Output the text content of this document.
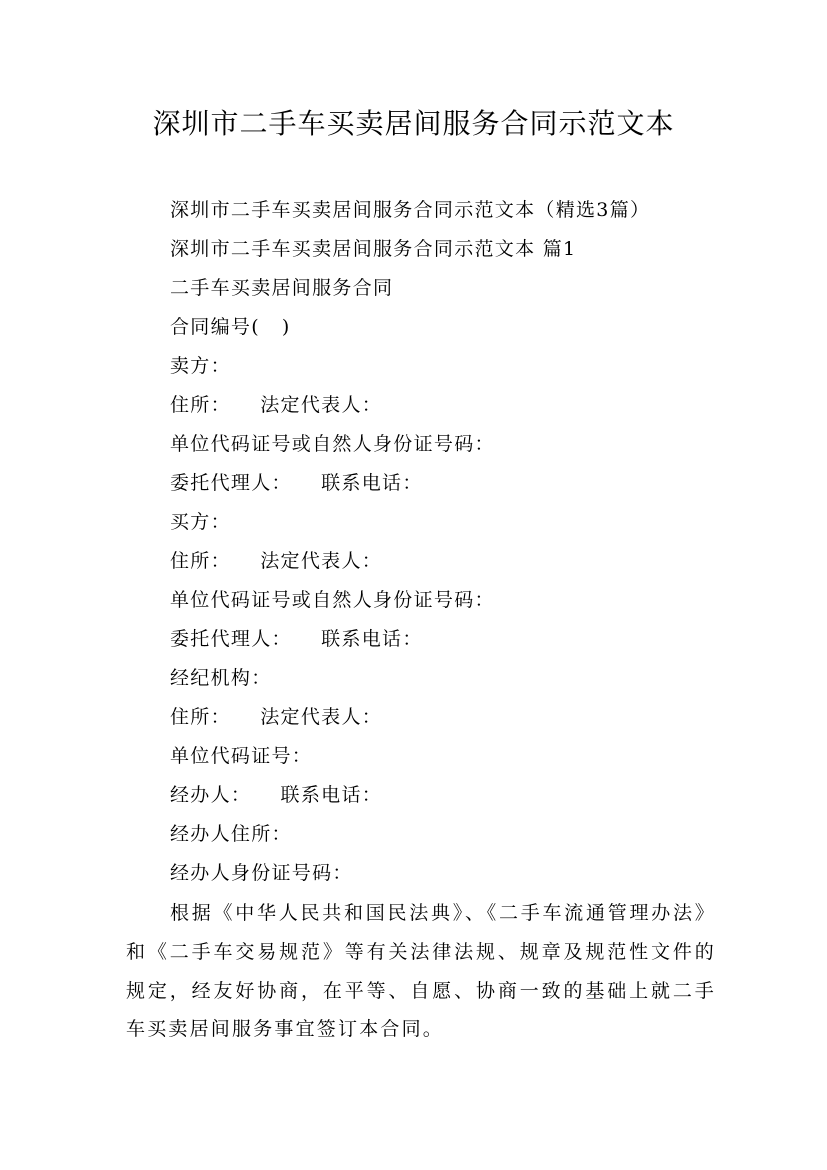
深圳市二手车买卖居间服务合同示范文本
深圳市二手车买卖居间服务合同示范文本（精选3篇）
深圳市二手车买卖居间服务合同示范文本 篇1
二手车买卖居间服务合同
合同编号(   )
卖方：
住所：    法定代表人：
单位代码证号或自然人身份证号码：
委托代理人：    联系电话：
买方：
住所：    法定代表人：
单位代码证号或自然人身份证号码：
委托代理人：    联系电话：
经纪机构：
住所：    法定代表人：
单位代码证号：
经办人：    联系电话：
经办人住所：
经办人身份证号码：

根据《中华人民共和国民法典》、《二手车流通管理办法》和《二手车交易规范》等有关法律法规、规章及规范性文件的规定，经友好协商，在平等、自愿、协商一致的基础上就二手车买卖居间服务事宜签订本合同。
